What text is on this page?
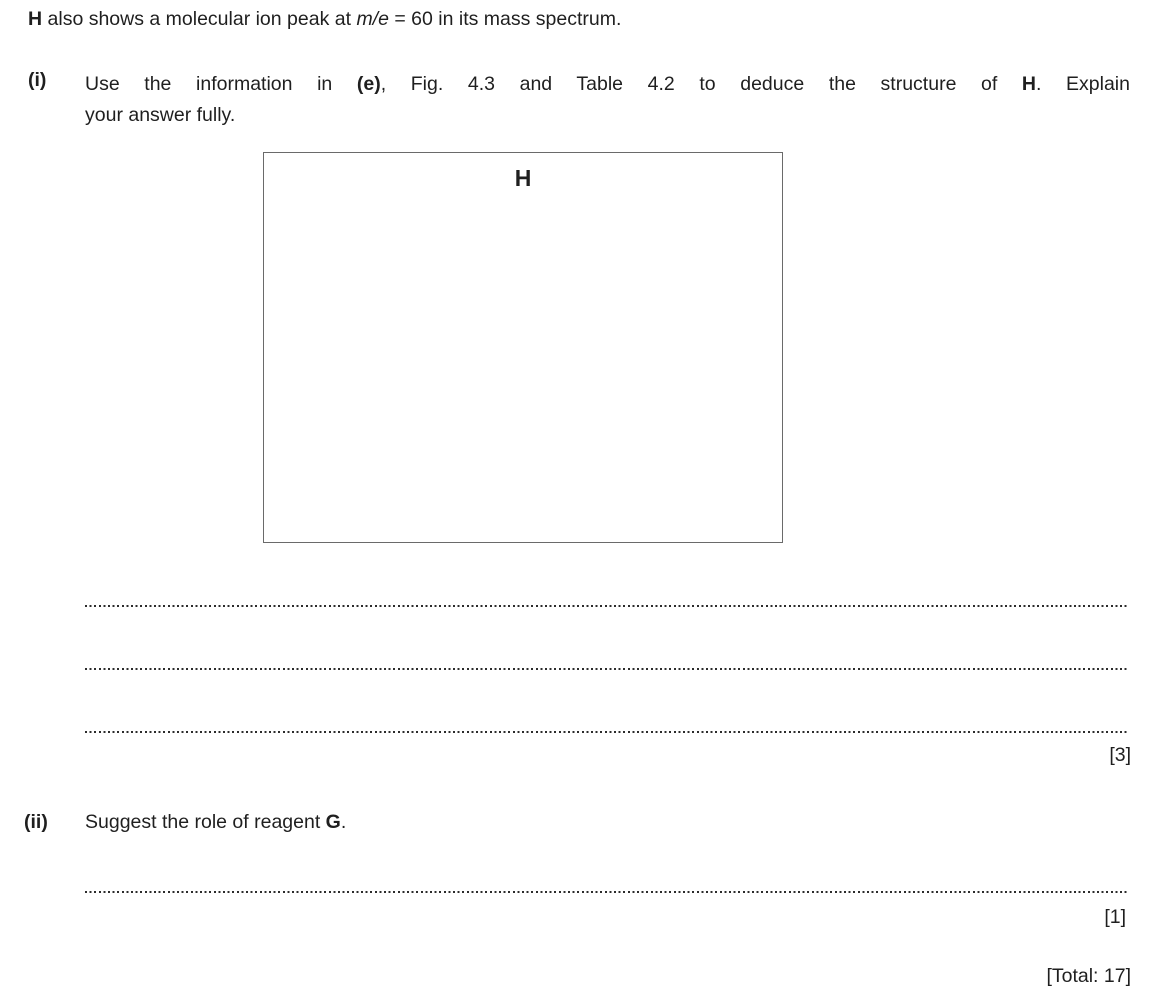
H also shows a molecular ion peak at m/e = 60 in its mass spectrum.
(i) Use the information in (e), Fig. 4.3 and Table 4.2 to deduce the structure of H. Explain
your answer fully.
H
[3]
(ii) Suggest the role of reagent G.
[1]
[Total: 17]
